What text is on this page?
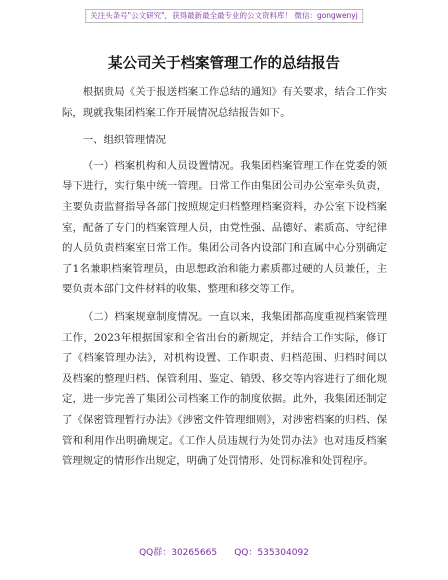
关注头条号"公文研究"，获得最新最全最专业的公文资料库！ 微信：gongwenyj
某公司关于档案管理工作的总结报告

根据贵局《关于报送档案工作总结的通知》有关要求，结合工作实际，现就我集团档案工作开展情况总结报告如下。

一、组织管理情况

（一）档案机构和人员设置情况。我集团档案管理工作在党委的领导下进行，实行集中统一管理。日常工作由集团公司办公室牵头负责，主要负责监督指导各部门按照规定归档整理档案资料，办公室下设档案室，配备了专门的档案管理人员，由党性强、品德好、素质高、守纪律的人员负责档案室日常工作。集团公司各内设部门和直属中心分别确定了1名兼职档案管理员，由思想政治和能力素质都过硬的人员兼任，主要负责本部门文件材料的收集、整理和移交等工作。

（二）档案规章制度情况。一直以来，我集团都高度重视档案管理工作，2023年根据国家和全省出台的新规定，并结合工作实际，修订了《档案管理办法》，对机构设置、工作职责、归档范围、归档时间以及档案的整理归档、保管利用、鉴定、销毁、移交等内容进行了细化规定，进一步完善了集团公司档案工作的制度依据。此外，我集团还制定了《保密管理暂行办法》《涉密文件管理细则》，对涉密档案的归档、保管和利用作出明确规定。《工作人员违规行为处罚办法》也对违反档案管理规定的情形作出规定，明确了处罚情形、处罚标准和处罚程序。

QQ群：30265665      QQ：535304092
